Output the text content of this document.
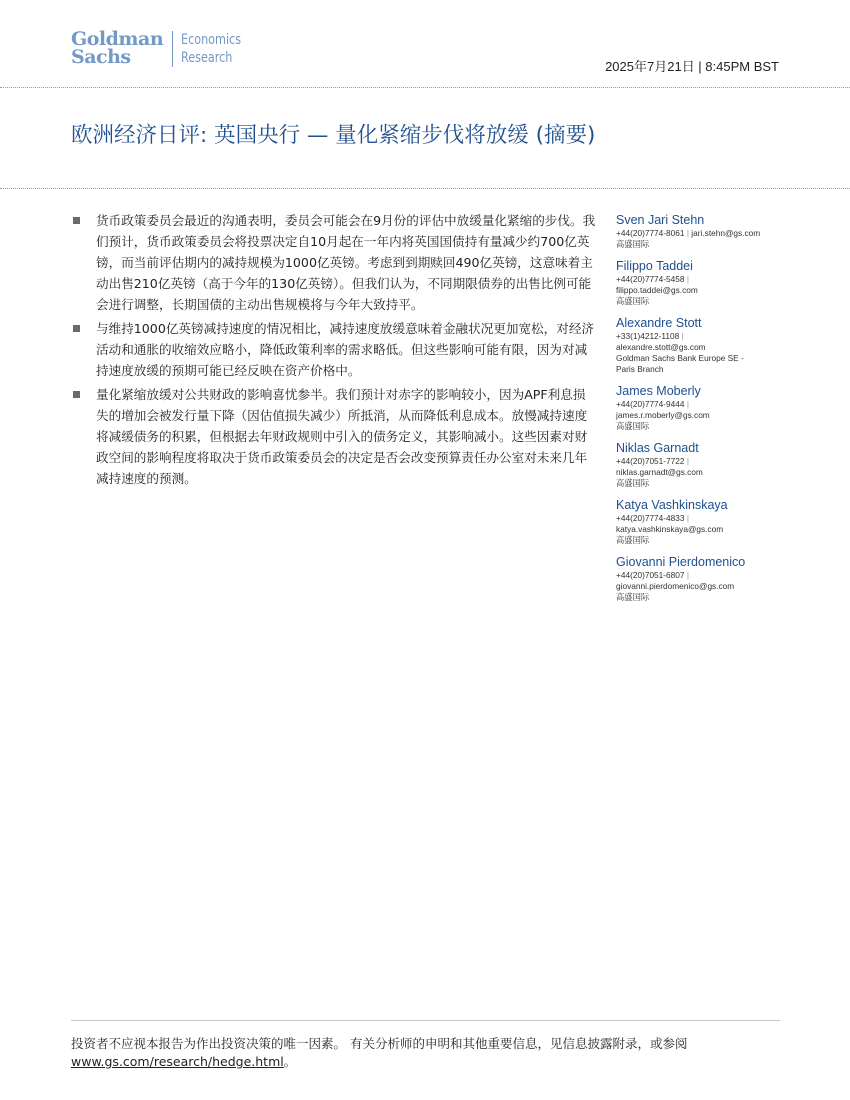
Goldman
Sachs
Economics
Research
2025年7月21日 | 8:45PM BST
欧洲经济日评: 英国央行 — 量化紧缩步伐将放缓 (摘要)
货币政策委员会最近的沟通表明，委员会可能会在9月份的评估中放缓量化紧缩的步伐。我们预计，货币政策委员会将投票决定自10月起在一年内将英国国债持有量减少约700亿英镑，而当前评估期内的减持规模为1000亿英镑。考虑到到期赎回490亿英镑，这意味着主动出售210亿英镑（高于今年的130亿英镑）。但我们认为，不同期限债券的出售比例可能会进行调整，长期国债的主动出售规模将与今年大致持平。
与维持1000亿英镑减持速度的情况相比，减持速度放缓意味着金融状况更加宽松，对经济活动和通胀的收缩效应略小，降低政策利率的需求略低。但这些影响可能有限，因为对减持速度放缓的预期可能已经反映在资产价格中。
量化紧缩放缓对公共财政的影响喜忧参半。我们预计对赤字的影响较小，因为APF利息损失的增加会被发行量下降（因估值损失减少）所抵消，从而降低利息成本。放慢减持速度将减缓债务的积累，但根据去年财政规则中引入的债务定义，其影响减小。这些因素对财政空间的影响程度将取决于货币政策委员会的决定是否会改变预算责任办公室对未来几年减持速度的预测。
Sven Jari Stehn
+44(20)7774-8061 | jari.stehn@gs.com
高盛国际
Filippo Taddei
+44(20)7774-5458 |
filippo.taddei@gs.com
高盛国际
Alexandre Stott
+33(1)4212-1108 |
alexandre.stott@gs.com
Goldman Sachs Bank Europe SE -
Paris Branch
James Moberly
+44(20)7774-9444 |
james.r.moberly@gs.com
高盛国际
Niklas Garnadt
+44(20)7051-7722 |
niklas.garnadt@gs.com
高盛国际
Katya Vashkinskaya
+44(20)7774-4833 |
katya.vashkinskaya@gs.com
高盛国际
Giovanni Pierdomenico
+44(20)7051-6807 |
giovanni.pierdomenico@gs.com
高盛国际
投资者不应视本报告为作出投资决策的唯一因素。 有关分析师的申明和其他重要信息，见信息披露附录，或参阅
www.gs.com/research/hedge.html。
